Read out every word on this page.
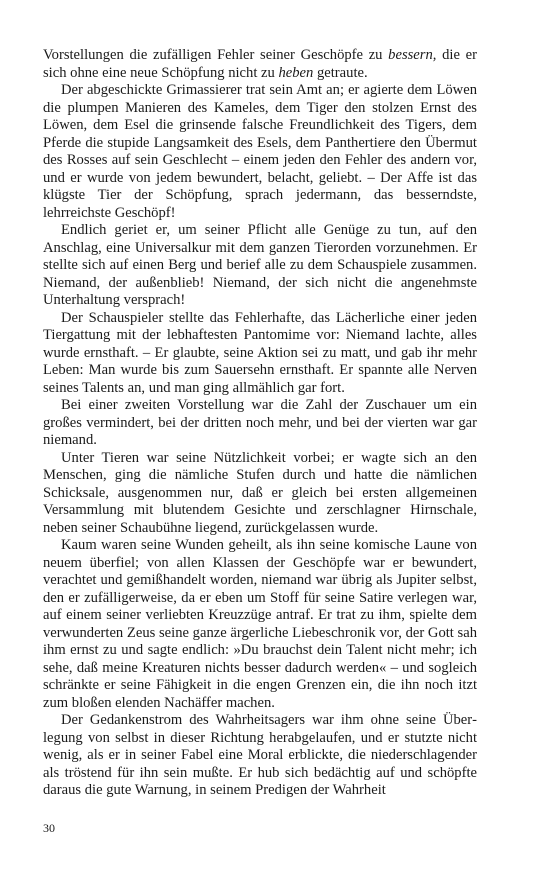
Vorstellungen die zufälligen Fehler seiner Geschöpfe zu bessern, die er sich ohne eine neue Schöpfung nicht zu heben getraute.

Der abgeschickte Grimassierer trat sein Amt an; er agierte dem Löwen die plumpen Manieren des Kameles, dem Tiger den stolzen Ernst des Löwen, dem Esel die grinsende falsche Freundlichkeit des Tigers, dem Pferde die stupide Langsamkeit des Esels, dem Panthertiere den Übermut des Rosses auf sein Geschlecht – einem jeden den Fehler des andern vor, und er wurde von jedem bewundert, belacht, geliebt. – Der Affe ist das klügste Tier der Schöpfung, sprach jedermann, das besserndste, lehrreichste Geschöpf!

Endlich geriet er, um seiner Pflicht alle Genüge zu tun, auf den Anschlag, eine Universalkur mit dem ganzen Tierorden vorzunehmen. Er stellte sich auf einen Berg und berief alle zu dem Schauspiele zusammen. Niemand, der außenblieb! Niemand, der sich nicht die angenehmste Unterhaltung versprach!

Der Schauspieler stellte das Fehlerhafte, das Lächerliche einer jeden Tiergattung mit der lebhaftesten Pantomime vor: Niemand lachte, alles wurde ernsthaft. – Er glaubte, seine Aktion sei zu matt, und gab ihr mehr Leben: Man wurde bis zum Sauersehn ernsthaft. Er spannte alle Nerven seines Talents an, und man ging allmählich gar fort.

Bei einer zweiten Vorstellung war die Zahl der Zuschauer um ein großes vermindert, bei der dritten noch mehr, und bei der vierten war gar niemand.

Unter Tieren war seine Nützlichkeit vorbei; er wagte sich an den Menschen, ging die nämliche Stufen durch und hatte die nämlichen Schicksale, ausgenommen nur, daß er gleich bei ersten allgemeinen Versammlung mit blutendem Gesichte und zerschlagner Hirnschale, neben seiner Schaubühne liegend, zurückgelassen wurde.

Kaum waren seine Wunden geheilt, als ihn seine komische Laune von neuem überfiel; von allen Klassen der Geschöpfe war er bewundert, verachtet und gemißhandelt worden, niemand war übrig als Jupiter selbst, den er zufälligerweise, da er eben um Stoff für seine Satire verlegen war, auf einem seiner verliebten Kreuzzüge antraf. Er trat zu ihm, spielte dem verwunderten Zeus seine ganze ärgerliche Liebeschronik vor, der Gott sah ihm ernst zu und sagte endlich: »Du brauchst dein Talent nicht mehr; ich sehe, daß meine Kreaturen nichts besser dadurch werden« – und sogleich schränkte er seine Fähigkeit in die engen Grenzen ein, die ihn noch itzt zum bloßen elenden Nachäffer machen.

Der Gedankenstrom des Wahrheitsagers war ihm ohne seine Überlegung von selbst in dieser Richtung herabgelaufen, und er stutzte nicht wenig, als er in seiner Fabel eine Moral erblickte, die niederschlagender als tröstend für ihn sein mußte. Er hub sich bedächtig auf und schöpfte daraus die gute Warnung, in seinem Predigen der Wahrheit

30
